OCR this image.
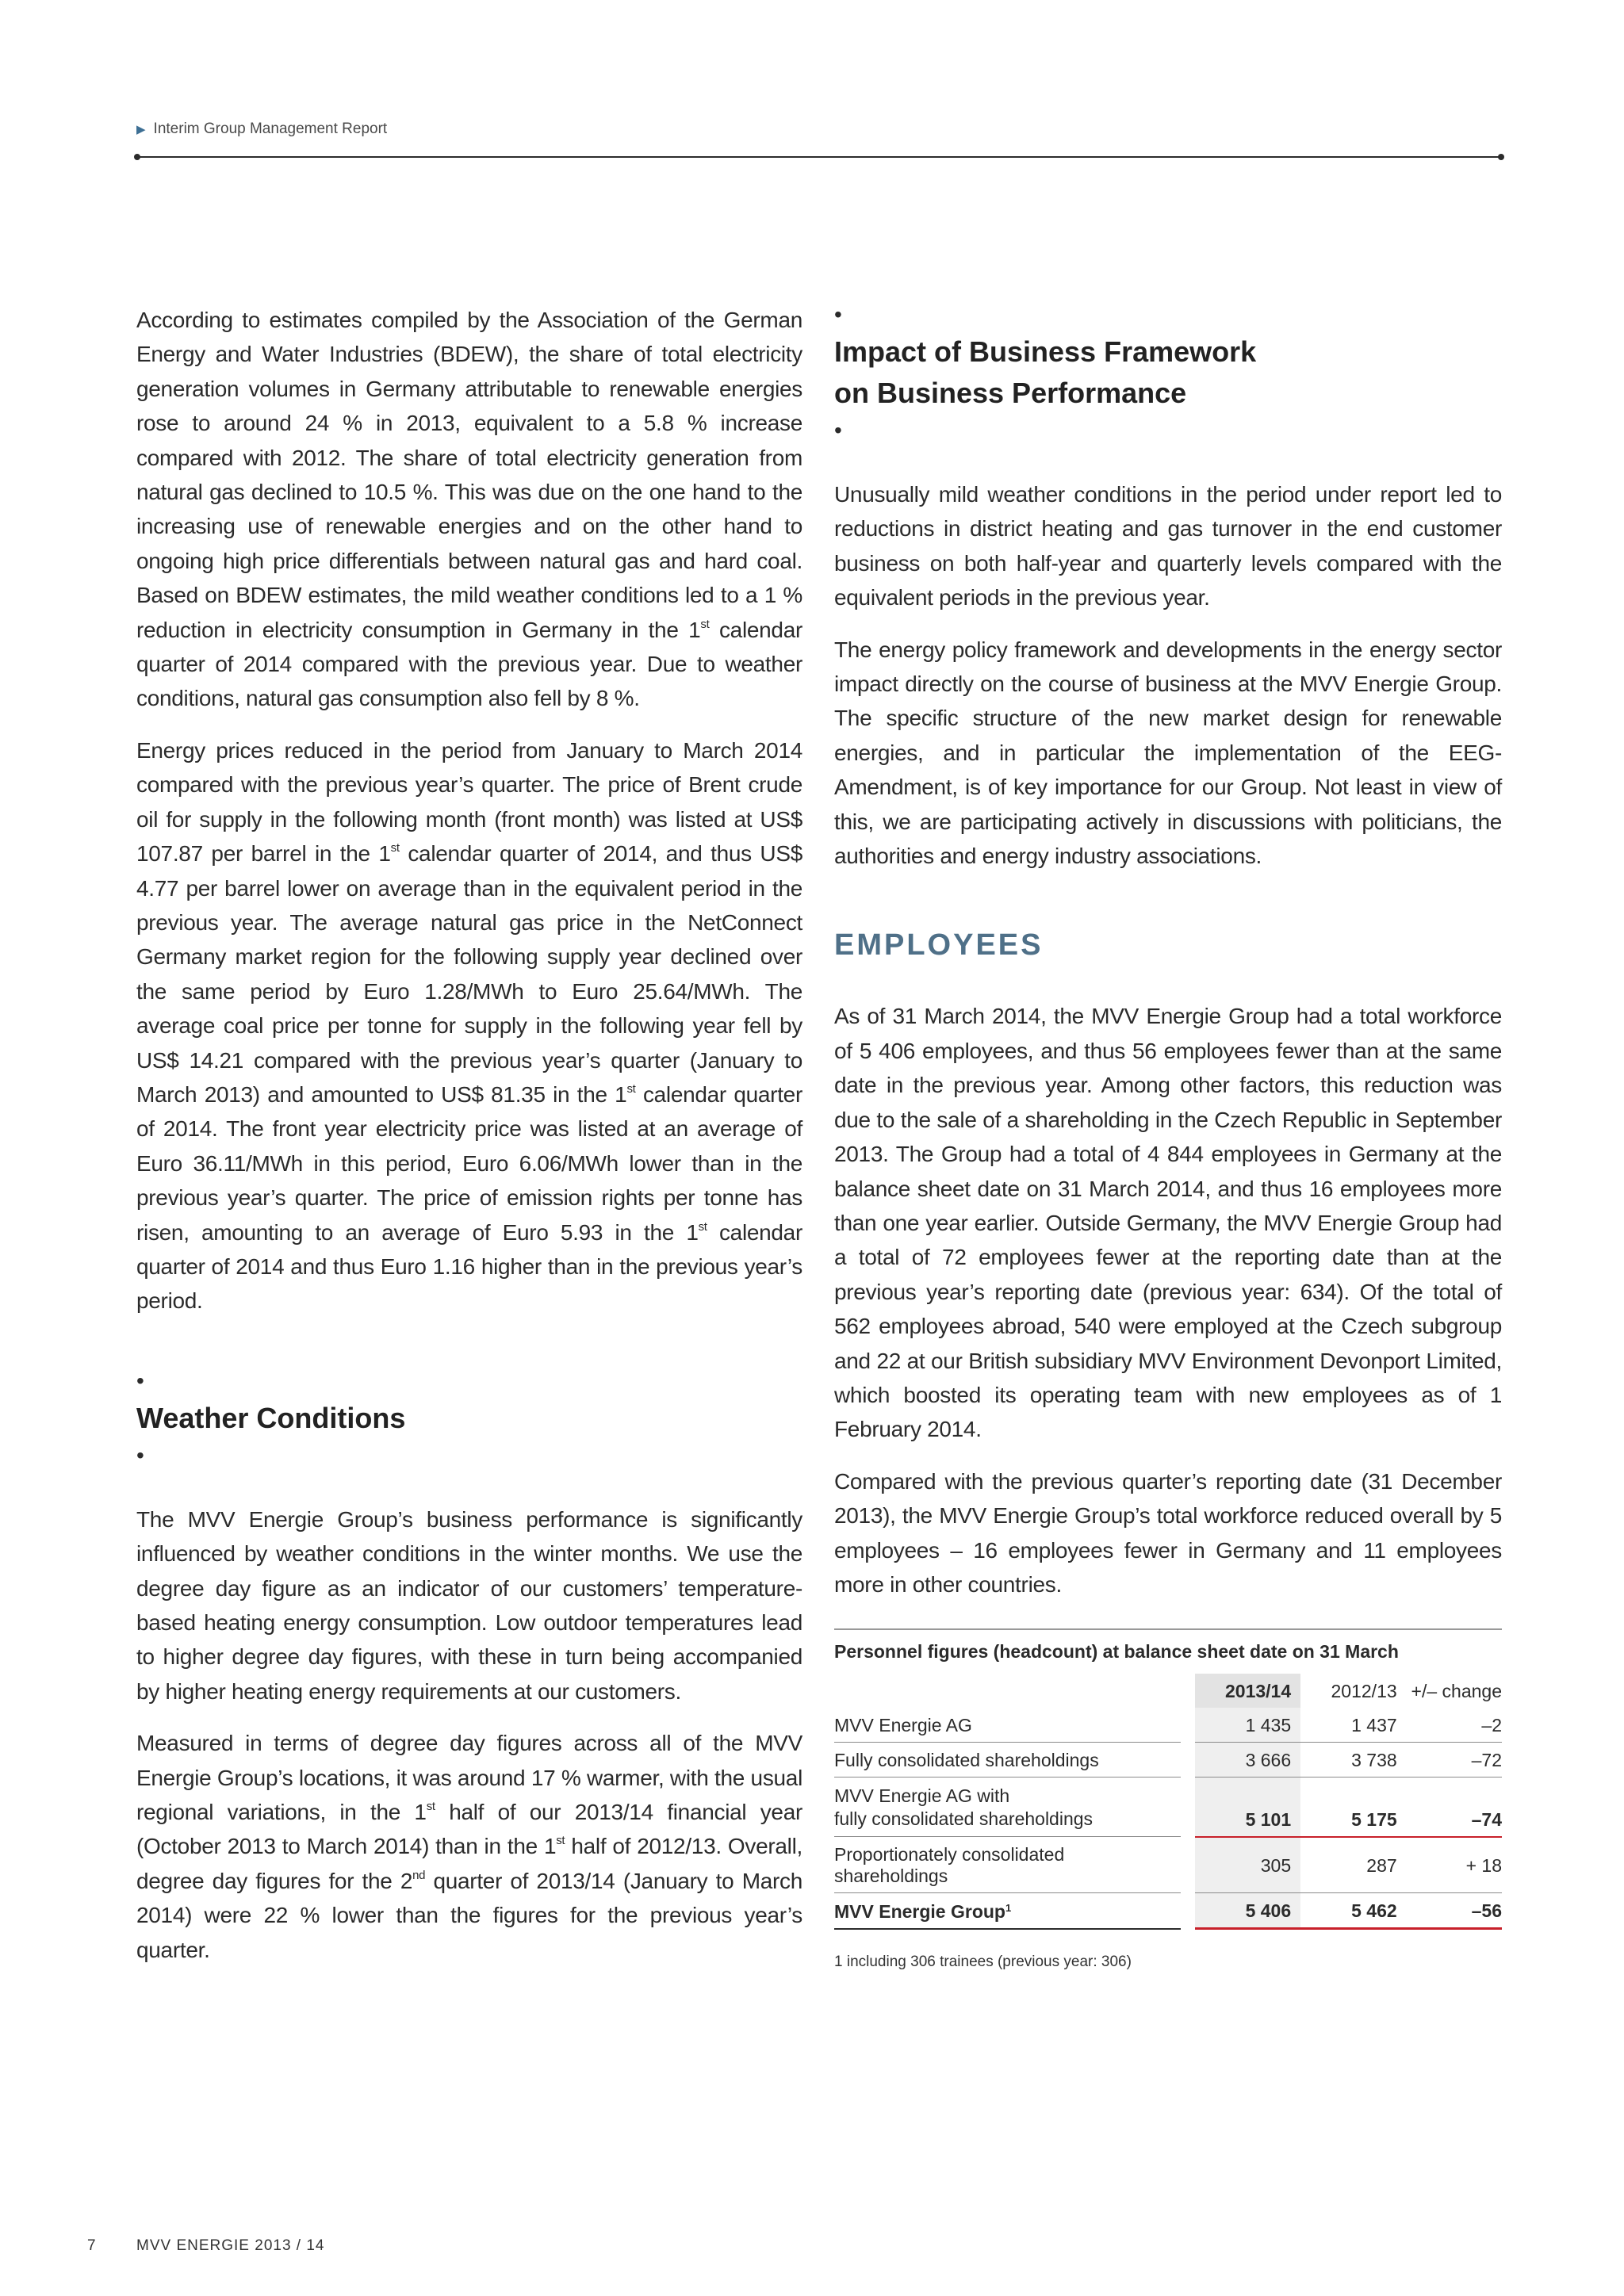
▶ Interim Group Management Report

According to estimates compiled by the Association of the German Energy and Water Industries (BDEW), the share of total electricity generation volumes in Germany attributable to renewable energies rose to around 24 % in 2013, equivalent to a 5.8 % increase compared with 2012. The share of total electricity generation from natural gas declined to 10.5 %. This was due on the one hand to the increasing use of renewable energies and on the other hand to ongoing high price differentials between natural gas and hard coal. Based on BDEW estimates, the mild weather conditions led to a 1 % reduction in electricity consumption in Germany in the 1st calendar quarter of 2014 compared with the previous year. Due to weather conditions, natural gas consumption also fell by 8 %.

Energy prices reduced in the period from January to March 2014 compared with the previous year’s quarter. The price of Brent crude oil for supply in the following month (front month) was listed at US$ 107.87 per barrel in the 1st calendar quarter of 2014, and thus US$ 4.77 per barrel lower on average than in the equivalent period in the previous year. The average natural gas price in the NetConnect Germany market region for the following supply year declined over the same period by Euro 1.28/MWh to Euro 25.64/MWh. The average coal price per tonne for supply in the following year fell by US$ 14.21 compared with the previous year’s quarter (January to March 2013) and amounted to US$ 81.35 in the 1st calendar quarter of 2014. The front year electricity price was listed at an average of Euro 36.11/MWh in this period, Euro 6.06/MWh lower than in the previous year’s quarter. The price of emission rights per tonne has risen, amounting to an average of Euro 5.93 in the 1st calendar quarter of 2014 and thus Euro 1.16 higher than in the previous year’s period.

•
Weather Conditions
•

The MVV Energie Group’s business performance is significantly influenced by weather conditions in the winter months. We use the degree day figure as an indicator of our customers’ temperature-based heating energy consumption. Low outdoor temperatures lead to higher degree day figures, with these in turn being accompanied by higher heating energy requirements at our customers.

Measured in terms of degree day figures across all of the MVV Energie Group’s locations, it was around 17 % warmer, with the usual regional variations, in the 1st half of our 2013/14 financial year (October 2013 to March 2014) than in the 1st half of 2012/13. Overall, degree day figures for the 2nd quarter of 2013/14 (January to March 2014) were 22 % lower than the figures for the previous year’s quarter.

•
Impact of Business Framework
on Business Performance
•

Unusually mild weather conditions in the period under report led to reductions in district heating and gas turnover in the end customer business on both half-year and quarterly levels compared with the equivalent periods in the previous year.

The energy policy framework and developments in the energy sector impact directly on the course of business at the MVV Energie Group. The specific structure of the new market design for renewable energies, and in particular the implementation of the EEG-Amendment, is of key importance for our Group. Not least in view of this, we are participating actively in discussions with politicians, the authorities and energy industry associations.

EMPLOYEES

As of 31 March 2014, the MVV Energie Group had a total workforce of 5 406 employees, and thus 56 employees fewer than at the same date in the previous year. Among other factors, this reduction was due to the sale of a shareholding in the Czech Republic in September 2013. The Group had a total of 4 844 employees in Germany at the balance sheet date on 31 March 2014, and thus 16 employees more than one year earlier. Outside Germany, the MVV Energie Group had a total of 72 employees fewer at the reporting date than at the previous year’s reporting date (previous year: 634). Of the total of 562 employees abroad, 540 were employed at the Czech subgroup and 22 at our British subsidiary MVV Environment Devonport Limited, which boosted its operating team with new employees as of 1 February 2014.

Compared with the previous quarter’s reporting date (31 December 2013), the MVV Energie Group’s total workforce reduced overall by 5 employees – 16 employees fewer in Germany and 11 employees more in other countries.

Personnel figures (headcount) at balance sheet date on 31 March
		2013/14	2012/13	+/– change
MVV Energie AG		1 435	1 437	–2
Fully consolidated shareholdings		3 666	3 738	–72
MVV Energie AG with
fully consolidated shareholdings		5 101	5 175	–74
Proportionately consolidated shareholdings		305	287	+ 18
MVV Energie Group$^1$		5 406	5 462	–56
1 including 306 trainees (previous year: 306)
7	MVV ENERGIE 2013 / 14
